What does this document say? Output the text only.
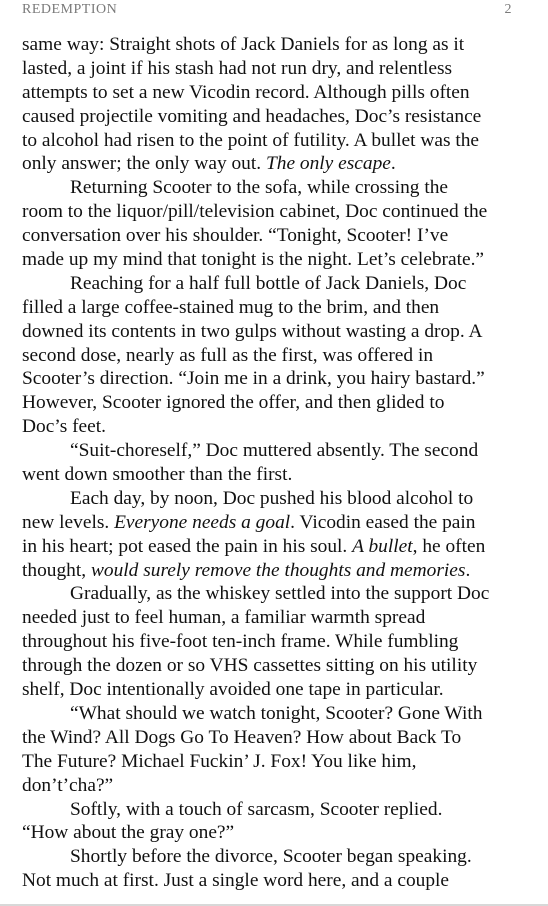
REDEMPTION	2
same way: Straight shots of Jack Daniels for as long as it
lasted, a joint if his stash had not run dry, and relentless
attempts to set a new Vicodin record. Although pills often
caused projectile vomiting and headaches, Doc’s resistance
to alcohol had risen to the point of futility. A bullet was the
only answer; the only way out. The only escape.
Returning Scooter to the sofa, while crossing the
room to the liquor/pill/television cabinet, Doc continued the
conversation over his shoulder. “Tonight, Scooter! I’ve
made up my mind that tonight is the night. Let’s celebrate.”
Reaching for a half full bottle of Jack Daniels, Doc
filled a large coffee-stained mug to the brim, and then
downed its contents in two gulps without wasting a drop. A
second dose, nearly as full as the first, was offered in
Scooter’s direction. “Join me in a drink, you hairy bastard.”
However, Scooter ignored the offer, and then glided to
Doc’s feet.
“Suit-choreself,” Doc muttered absently. The second
went down smoother than the first.
Each day, by noon, Doc pushed his blood alcohol to
new levels. Everyone needs a goal. Vicodin eased the pain
in his heart; pot eased the pain in his soul. A bullet, he often
thought, would surely remove the thoughts and memories.
Gradually, as the whiskey settled into the support Doc
needed just to feel human, a familiar warmth spread
throughout his five-foot ten-inch frame. While fumbling
through the dozen or so VHS cassettes sitting on his utility
shelf, Doc intentionally avoided one tape in particular.
“What should we watch tonight, Scooter? Gone With
the Wind? All Dogs Go To Heaven? How about Back To
The Future? Michael Fuckin’ J. Fox! You like him,
don’t’cha?”
Softly, with a touch of sarcasm, Scooter replied.
“How about the gray one?”
Shortly before the divorce, Scooter began speaking.
Not much at first. Just a single word here, and a couple
